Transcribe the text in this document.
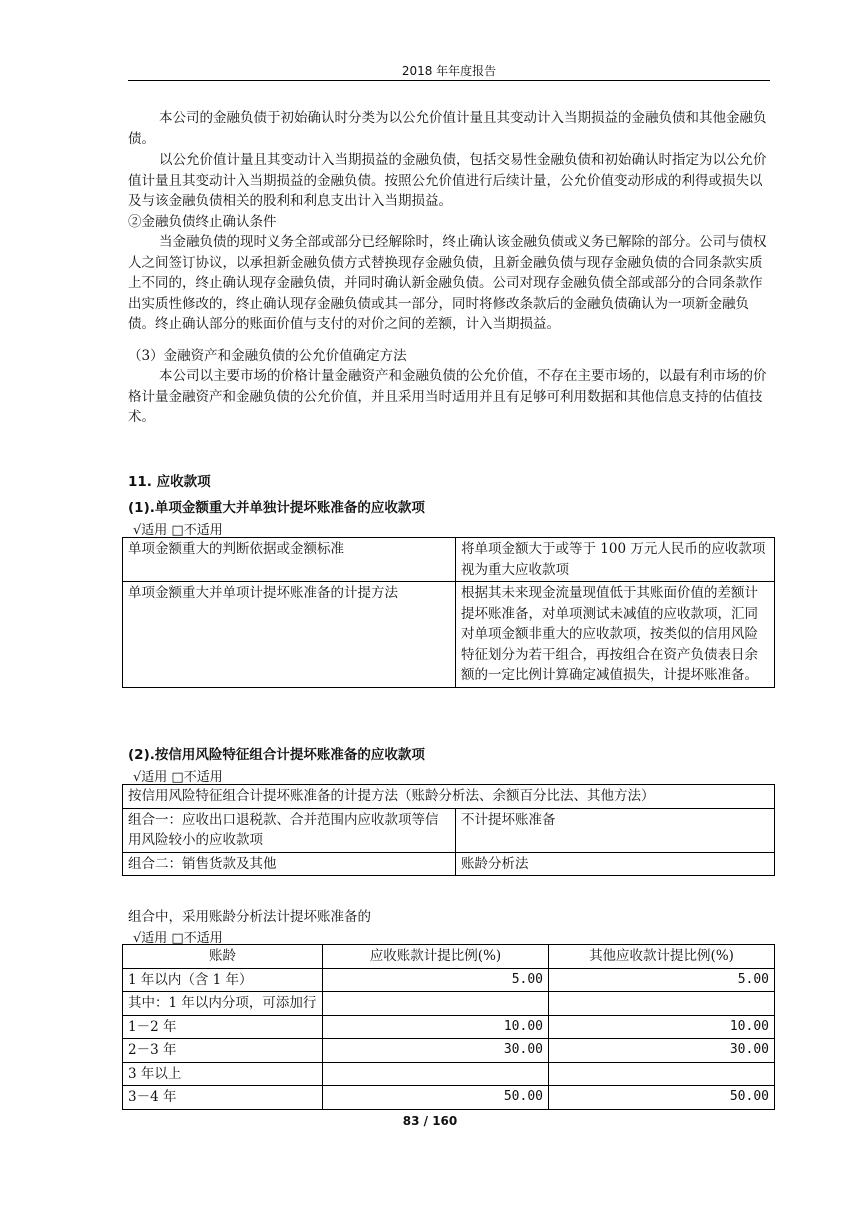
2018 年年度报告

本公司的金融负债于初始确认时分类为以公允价值计量且其变动计入当期损益的金融负债和其他金融负债。

以公允价值计量且其变动计入当期损益的金融负债，包括交易性金融负债和初始确认时指定为以公允价值计量且其变动计入当期损益的金融负债。按照公允价值进行后续计量，公允价值变动形成的利得或损失以及与该金融负债相关的股利和利息支出计入当期损益。

②金融负债终止确认条件

当金融负债的现时义务全部或部分已经解除时，终止确认该金融负债或义务已解除的部分。公司与债权人之间签订协议，以承担新金融负债方式替换现存金融负债，且新金融负债与现存金融负债的合同条款实质上不同的，终止确认现存金融负债，并同时确认新金融负债。公司对现存金融负债全部或部分的合同条款作出实质性修改的，终止确认现存金融负债或其一部分，同时将修改条款后的金融负债确认为一项新金融负债。终止确认部分的账面价值与支付的对价之间的差额，计入当期损益。

（3）金融资产和金融负债的公允价值确定方法

本公司以主要市场的价格计量金融资产和金融负债的公允价值，不存在主要市场的，以最有利市场的价格计量金融资产和金融负债的公允价值，并且采用当时适用并且有足够可利用数据和其他信息支持的估值技术。

11. 应收款项
(1).单项金额重大并单独计提坏账准备的应收款项
√适用 □不适用
单项金额重大的判断依据或金额标准	将单项金额大于或等于 100 万元人民币的应收款项视为重大应收款项
单项金额重大并单项计提坏账准备的计提方法	根据其未来现金流量现值低于其账面价值的差额计提坏账准备，对单项测试未减值的应收款项，汇同对单项金额非重大的应收款项，按类似的信用风险特征划分为若干组合，再按组合在资产负债表日余额的一定比例计算确定减值损失，计提坏账准备。
(2).按信用风险特征组合计提坏账准备的应收款项
√适用 □不适用
按信用风险特征组合计提坏账准备的计提方法（账龄分析法、余额百分比法、其他方法）	
组合一：应收出口退税款、合并范围内应收款项等信用风险较小的应收款项	不计提坏账准备
组合二：销售货款及其他	账龄分析法
组合中，采用账龄分析法计提坏账准备的
√适用 □不适用
账龄	应收账款计提比例(%)	其他应收款计提比例(%)
1 年以内（含 1 年）	5.00	5.00
其中：1 年以内分项，可添加行		
1－2 年	10.00	10.00
2－3 年	30.00	30.00
3 年以上		
3－4 年	50.00	50.00
83 / 160
